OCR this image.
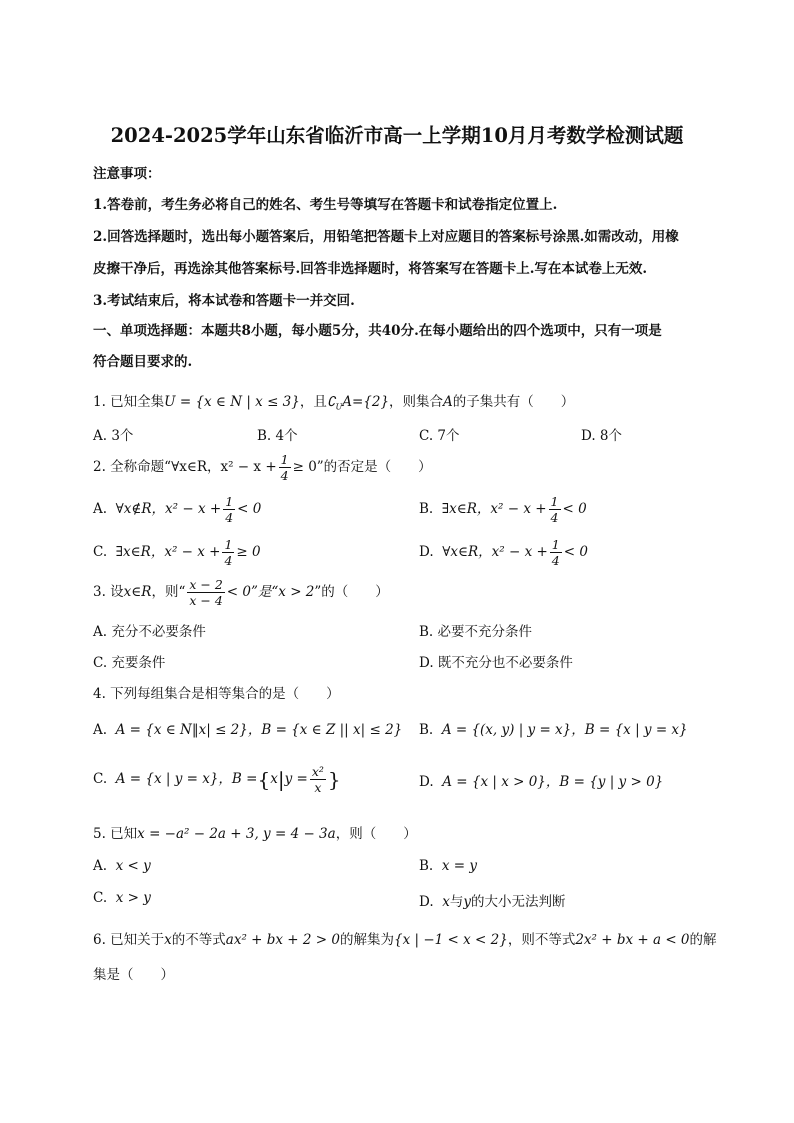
2024-2025学年山东省临沂市高一上学期10月月考数学检测试题
注意事项：
1.答卷前，考生务必将自己的姓名、考生号等填写在答题卡和试卷指定位置上.
2.回答选择题时，选出每小题答案后，用铅笔把答题卡上对应题目的答案标号涂黑.如需改动，用橡
皮擦干净后，再选涂其他答案标号.回答非选择题时，将答案写在答题卡上.写在本试卷上无效.
3.考试结束后，将本试卷和答题卡一并交回.
一、单项选择题：本题共8小题，每小题5分，共40分.在每小题给出的四个选项中，只有一项是
符合题目要求的.
1. 已知全集U = {x ∈ N | x ≤ 3}，且$∁_UA=\{2\}$，则集合A的子集共有（　　）
A. 3个	B. 4个	C. 7个	D. 8个
2. 全称命题“∀x∈R，$x^2 - x + \frac{1}{4} \ge 0$”的否定是（　　）
A. ∀x∉R，$x^2 - x + \frac{1}{4} < 0$	B. ∃x∈R，$x^2 - x + \frac{1}{4} < 0$
C. ∃x∈R，$x^2 - x + \frac{1}{4} \ge 0$	D. ∀x∈R，$x^2 - x + \frac{1}{4} < 0$
3. 设x∈R，则“ $\frac{x - 2}{x - 4} < 0$”是“x > 2”的（　　）
A. 充分不必要条件	B. 必要不充分条件
C. 充要条件	D. 既不充分也不必要条件
4. 下列每组集合是相等集合的是（　　）
A. A = {x ∈ N‖x| ≤ 2}，B = {x ∈ Z || x| ≤ 2} B. A = {(x, y) | y = x}，B = {x | y = x}
C. A = {x | y = x}，$B =\{x|y = \frac{\text{x²}}{x}$ }	D. A = {x | x > 0}，B = {y | y > 0}
5. 已知x = −a² − 2a + 3, y = 4 − 3a，则（　　）
A. x < y	B. x = y
C. x > y	D. x与y的大小无法判断
6. 已知关于x的不等式ax² + bx + 2 > 0的解集为{x | −1 < x < 2}，则不等式2x² + bx + a < 0的解
集是（　　）
